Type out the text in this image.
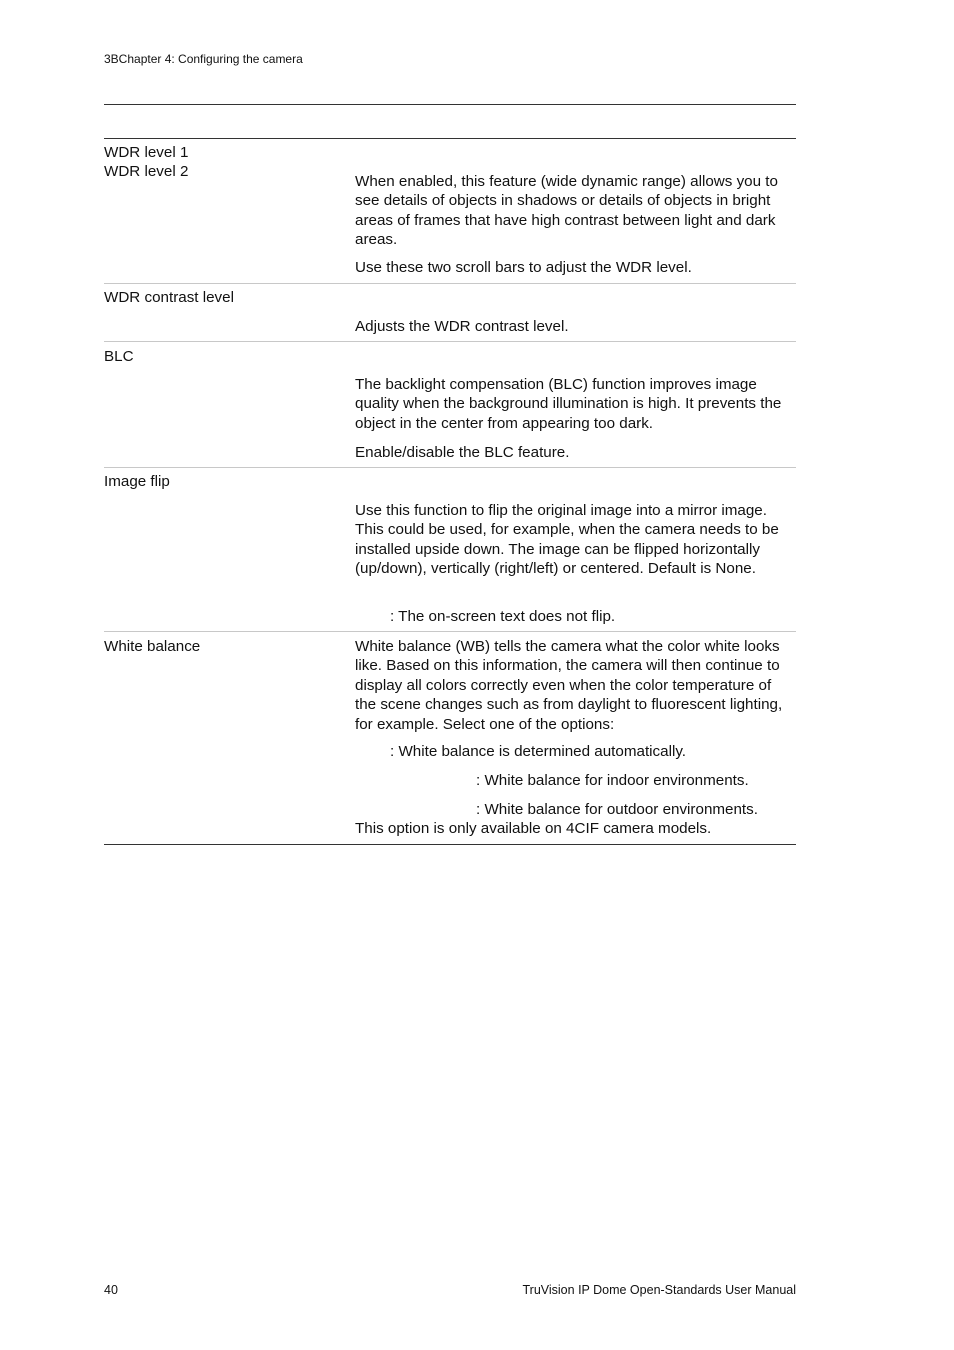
3BChapter 4: Configuring the camera
WDR level 1
WDR level 2
When enabled, this feature (wide dynamic range) allows you to see details of objects in shadows or details of objects in bright areas of frames that have high contrast between light and dark areas.
Use these two scroll bars to adjust the WDR level.
WDR contrast level
Adjusts the WDR contrast level.
BLC
The backlight compensation (BLC) function improves image quality when the background illumination is high. It prevents the object in the center from appearing too dark.
Enable/disable the BLC feature.
Image flip
Use this function to flip the original image into a mirror image. This could be used, for example, when the camera needs to be installed upside down. The image can be flipped horizontally (up/down), vertically (right/left) or centered. Default is None.
: The on-screen text does not flip.
White balance	White balance (WB) tells the camera what the color white looks like. Based on this information, the camera will then continue to display all colors correctly even when the color temperature of the scene changes such as from daylight to fluorescent lighting, for example. Select one of the options:
: White balance is determined automatically.
: White balance for indoor environments.
: White balance for outdoor environments.
This option is only available on 4CIF camera models.
40	TruVision IP Dome Open-Standards User Manual
